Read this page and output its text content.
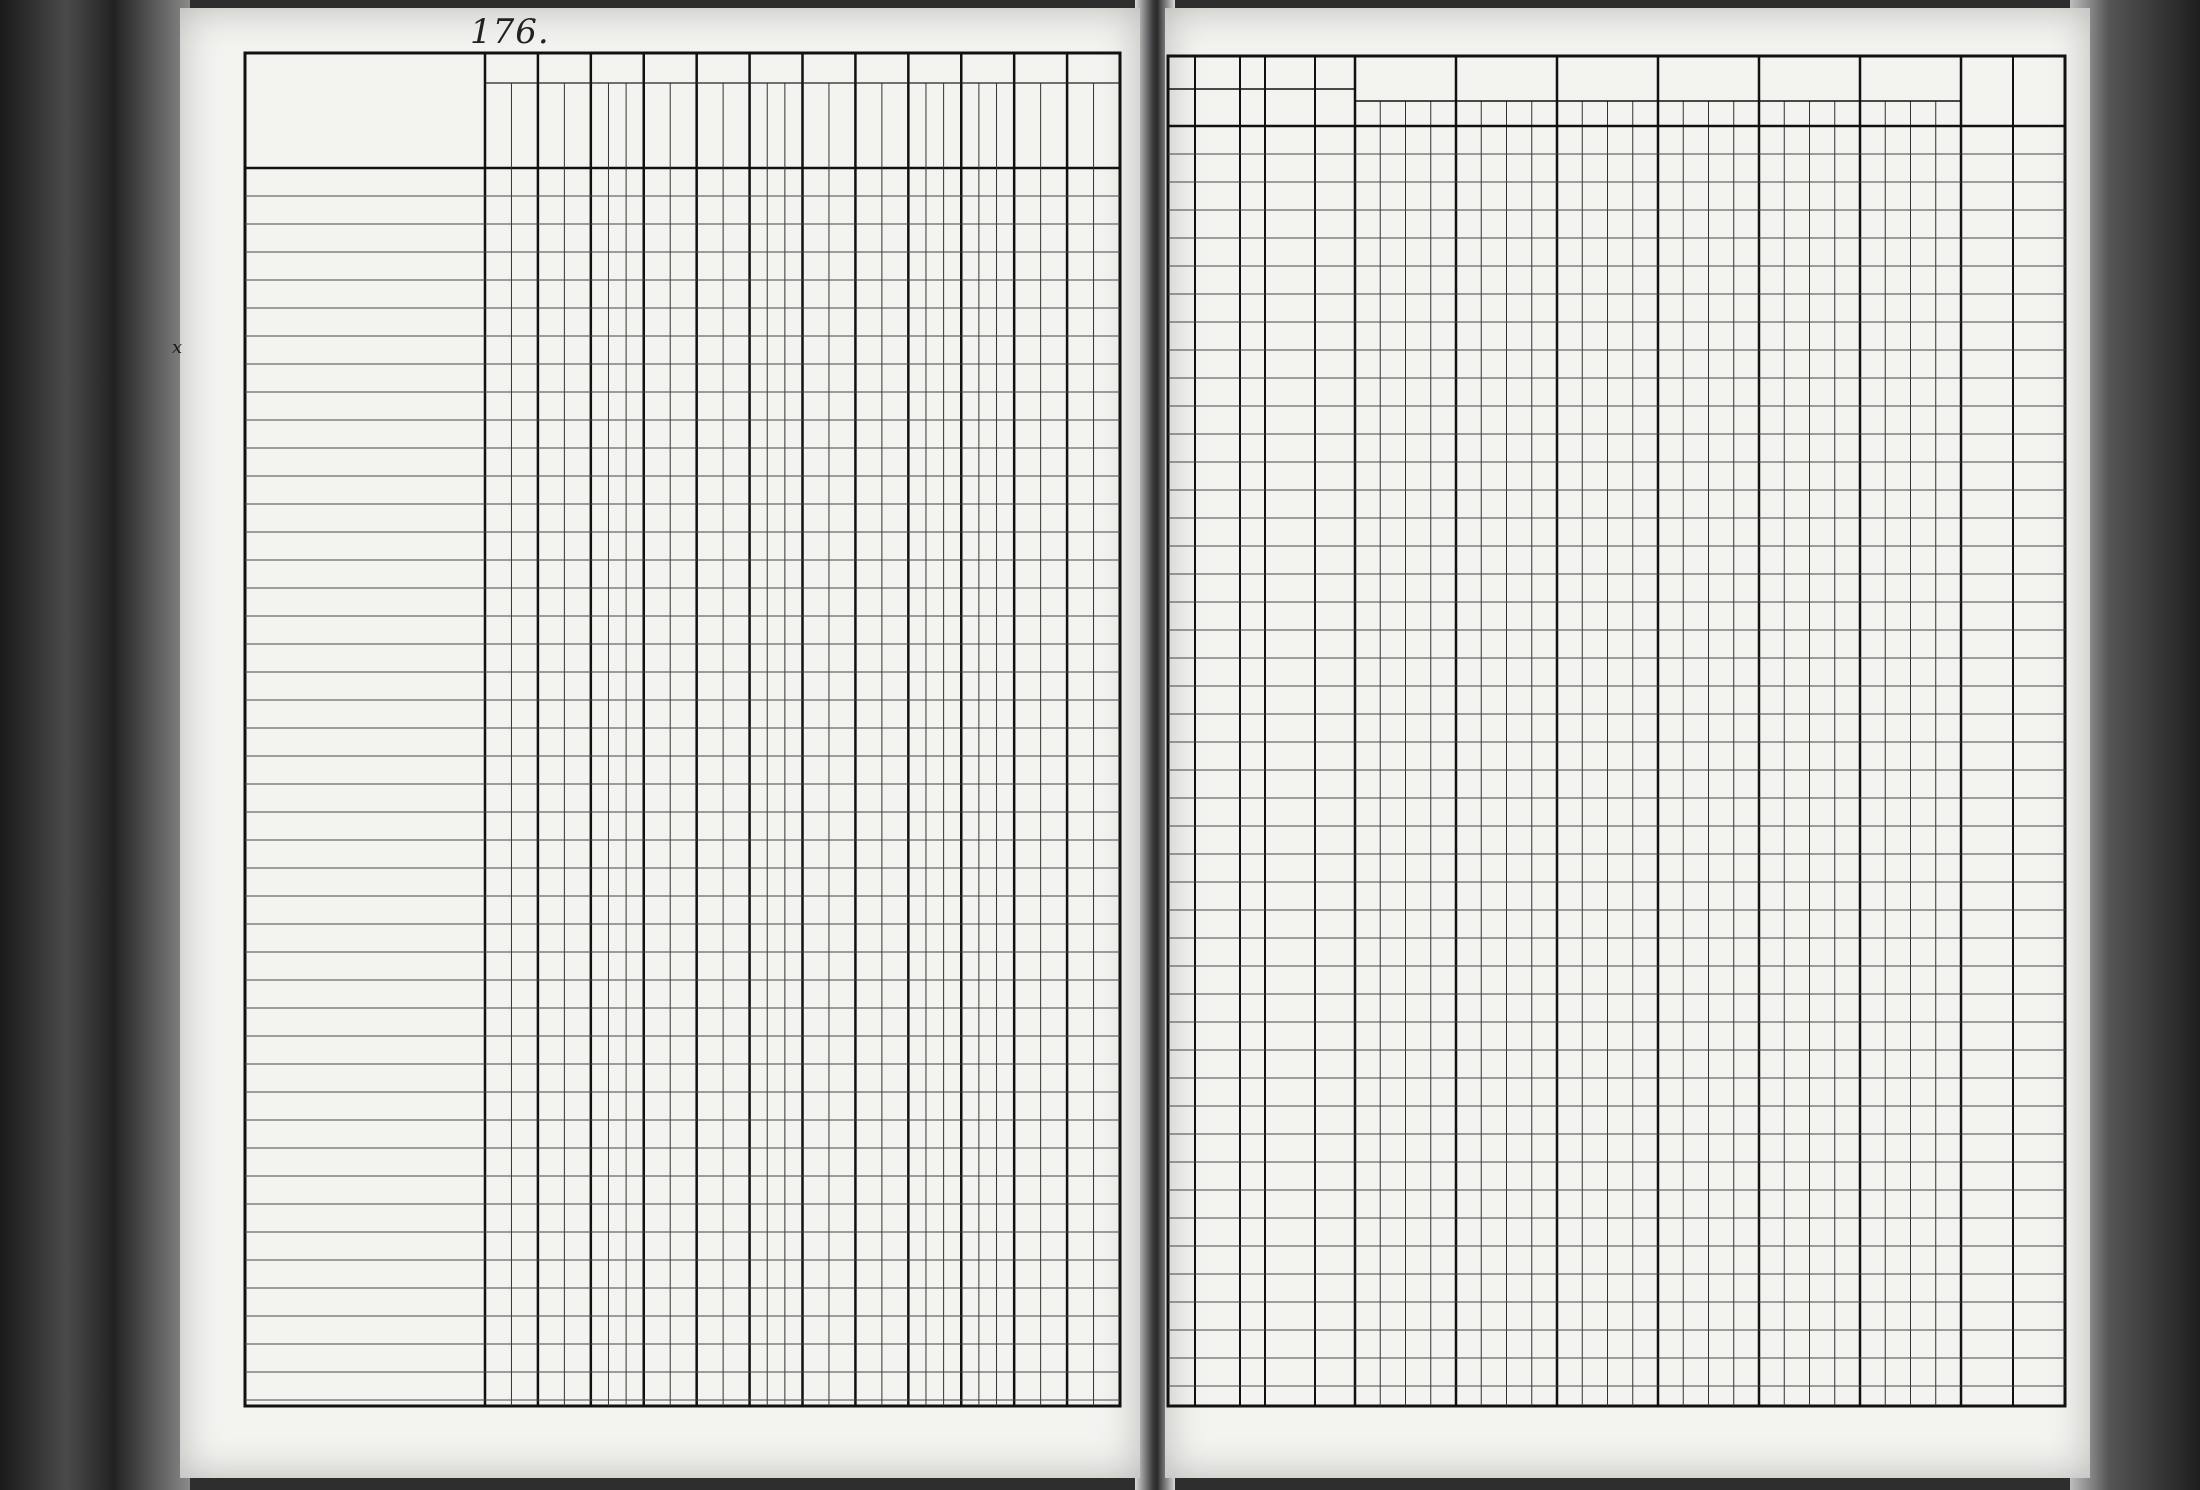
176.
x
